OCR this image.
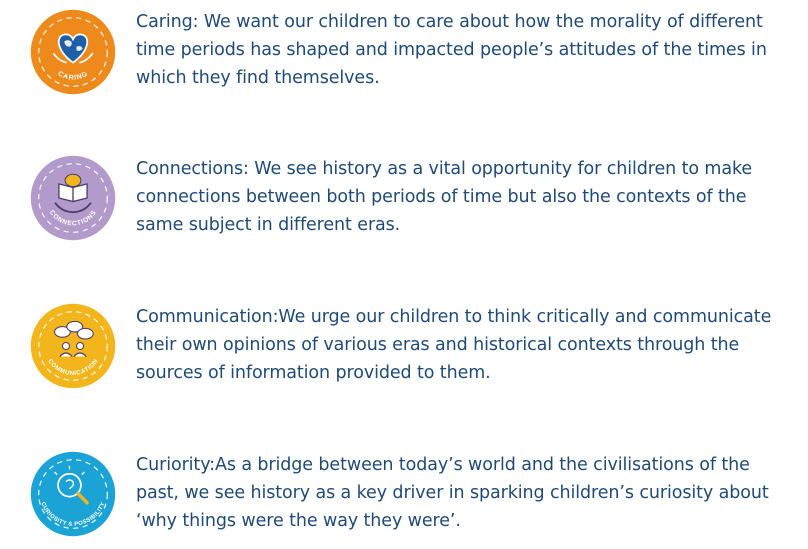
CARING
Caring: We want our children to care about how the morality of different time periods has shaped and impacted people’s attitudes of the times in which they find themselves.
CONNECTIONS
Connections: We see history as a vital opportunity for children to make connections between both periods of time but also the contexts of the same subject in different eras.
COMMUNICATION
Communication:We urge our children to think critically and communicate their own opinions of various eras and historical contexts through the sources of information provided to them.
CURIOSITY & POSSIBILITY
Curiority:As a bridge between today’s world and the civilisations of the past, we see history as a key driver in sparking children’s curiosity about ‘why things were the way they were’.
